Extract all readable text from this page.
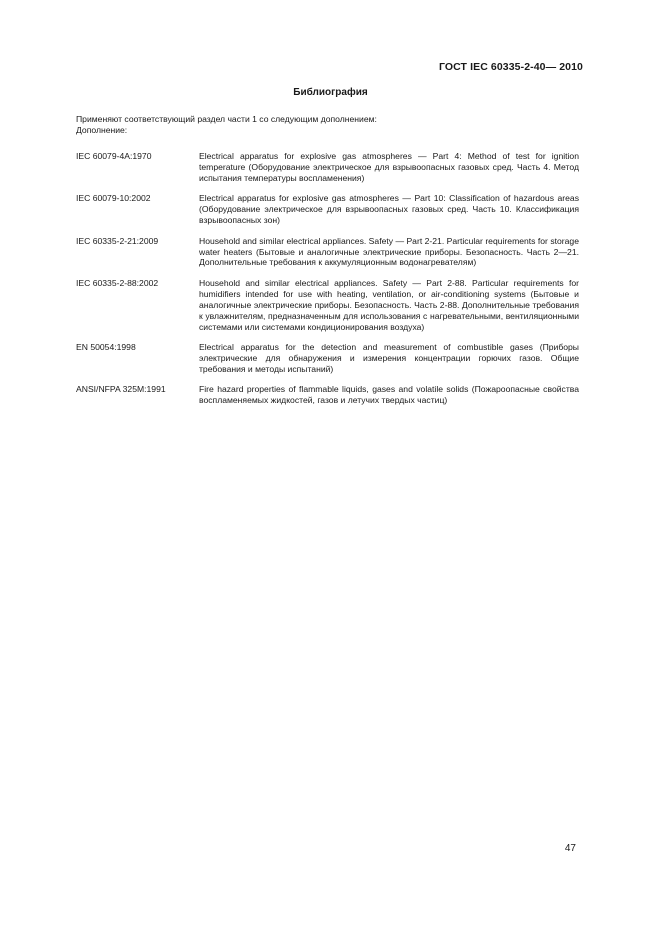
ГОСТ IEC 60335-2-40— 2010
Библиография
Применяют соответствующий раздел части 1 со следующим дополнением:
Дополнение:
IEC 60079-4A:1970	Electrical apparatus for explosive gas atmospheres — Part 4: Method of test for ignition temperature (Оборудование электрическое для взрывоопасных газовых сред. Часть 4. Метод испытания температуры воспламенения)
IEC 60079-10:2002	Electrical apparatus for explosive gas atmospheres — Part 10: Classification of hazardous areas (Оборудование электрическое для взрывоопасных газовых сред. Часть 10. Классификация взрывоопасных зон)
IEC 60335-2-21:2009	Household and similar electrical appliances. Safety — Part 2-21. Particular requirements for storage water heaters (Бытовые и аналогичные электрические приборы. Безопасность. Часть 2—21. Дополнительные требования к аккумуляционным водонагревателям)
IEC 60335-2-88:2002	Household and similar electrical appliances. Safety — Part 2-88. Particular requirements for humidifiers intended for use with heating, ventilation, or air-conditioning systems (Бытовые и аналогичные электрические приборы. Безопасность. Часть 2-88. Дополнительные требования к увлажнителям, предназначенным для использования с нагревательными, вентиляционными системами или системами кондиционирования воздуха)
EN 50054:1998	Electrical apparatus for the detection and measurement of combustible gases (Приборы электрические для обнаружения и измерения концентрации горючих газов. Общие требования и методы испытаний)
ANSI/NFPA 325M:1991	Fire hazard properties of flammable liquids, gases and volatile solids (Пожароопасные свойства воспламеняемых жидкостей, газов и летучих твердых частиц)
47
